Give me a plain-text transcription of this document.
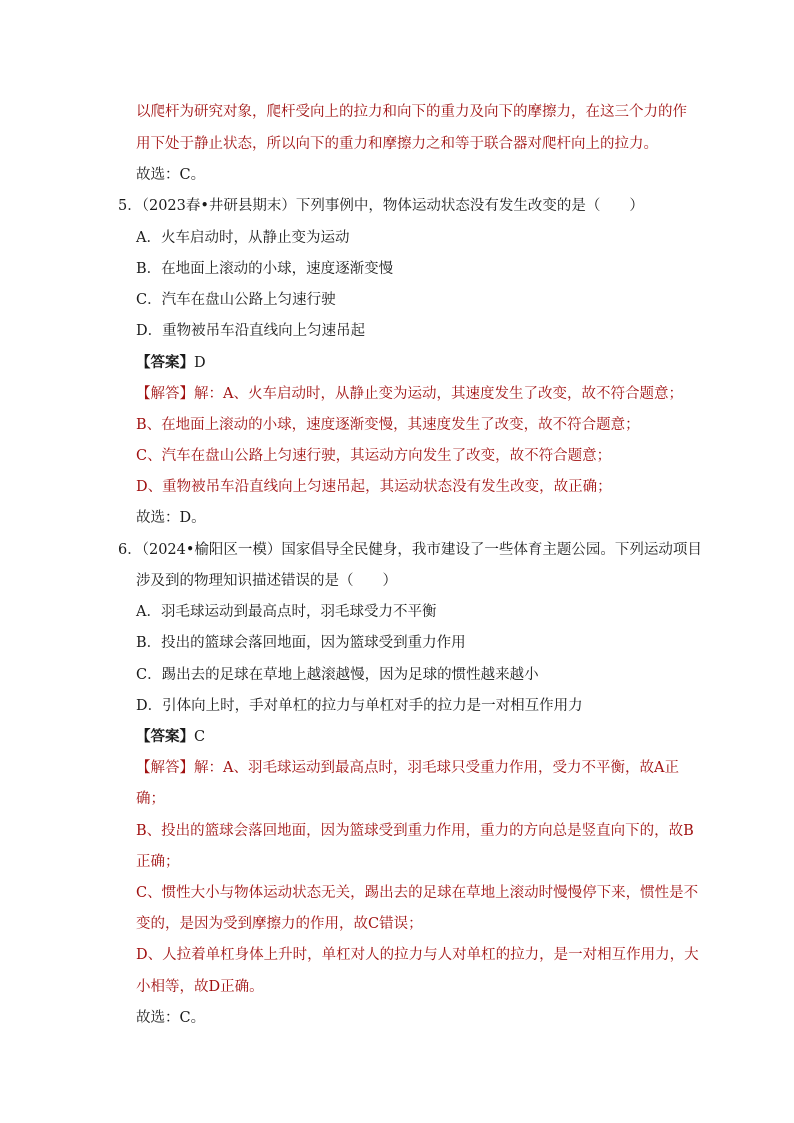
以爬杆为研究对象，爬杆受向上的拉力和向下的重力及向下的摩擦力，在这三个力的作
用下处于静止状态，所以向下的重力和摩擦力之和等于联合器对爬杆向上的拉力。
故选：C。
5．（2023春•井研县期末）下列事例中，物体运动状态没有发生改变的是（　　）
A．火车启动时，从静止变为运动
B．在地面上滚动的小球，速度逐渐变慢
C．汽车在盘山公路上匀速行驶
D．重物被吊车沿直线向上匀速吊起
【答案】D
【解答】解：A、火车启动时，从静止变为运动，其速度发生了改变，故不符合题意；
B、在地面上滚动的小球，速度逐渐变慢，其速度发生了改变，故不符合题意；
C、汽车在盘山公路上匀速行驶，其运动方向发生了改变，故不符合题意；
D、重物被吊车沿直线向上匀速吊起，其运动状态没有发生改变，故正确；
故选：D。
6．（2024•榆阳区一模）国家倡导全民健身，我市建设了一些体育主题公园。下列运动项目
涉及到的物理知识描述错误的是（　　）
A．羽毛球运动到最高点时，羽毛球受力不平衡
B．投出的篮球会落回地面，因为篮球受到重力作用
C．踢出去的足球在草地上越滚越慢，因为足球的惯性越来越小
D．引体向上时，手对单杠的拉力与单杠对手的拉力是一对相互作用力
【答案】C
【解答】解：A、羽毛球运动到最高点时，羽毛球只受重力作用，受力不平衡，故A正
确；
B、投出的篮球会落回地面，因为篮球受到重力作用，重力的方向总是竖直向下的，故B
正确；
C、惯性大小与物体运动状态无关，踢出去的足球在草地上滚动时慢慢停下来，惯性是不
变的，是因为受到摩擦力的作用，故C错误；
D、人拉着单杠身体上升时，单杠对人的拉力与人对单杠的拉力，是一对相互作用力，大
小相等，故D正确。
故选：C。
